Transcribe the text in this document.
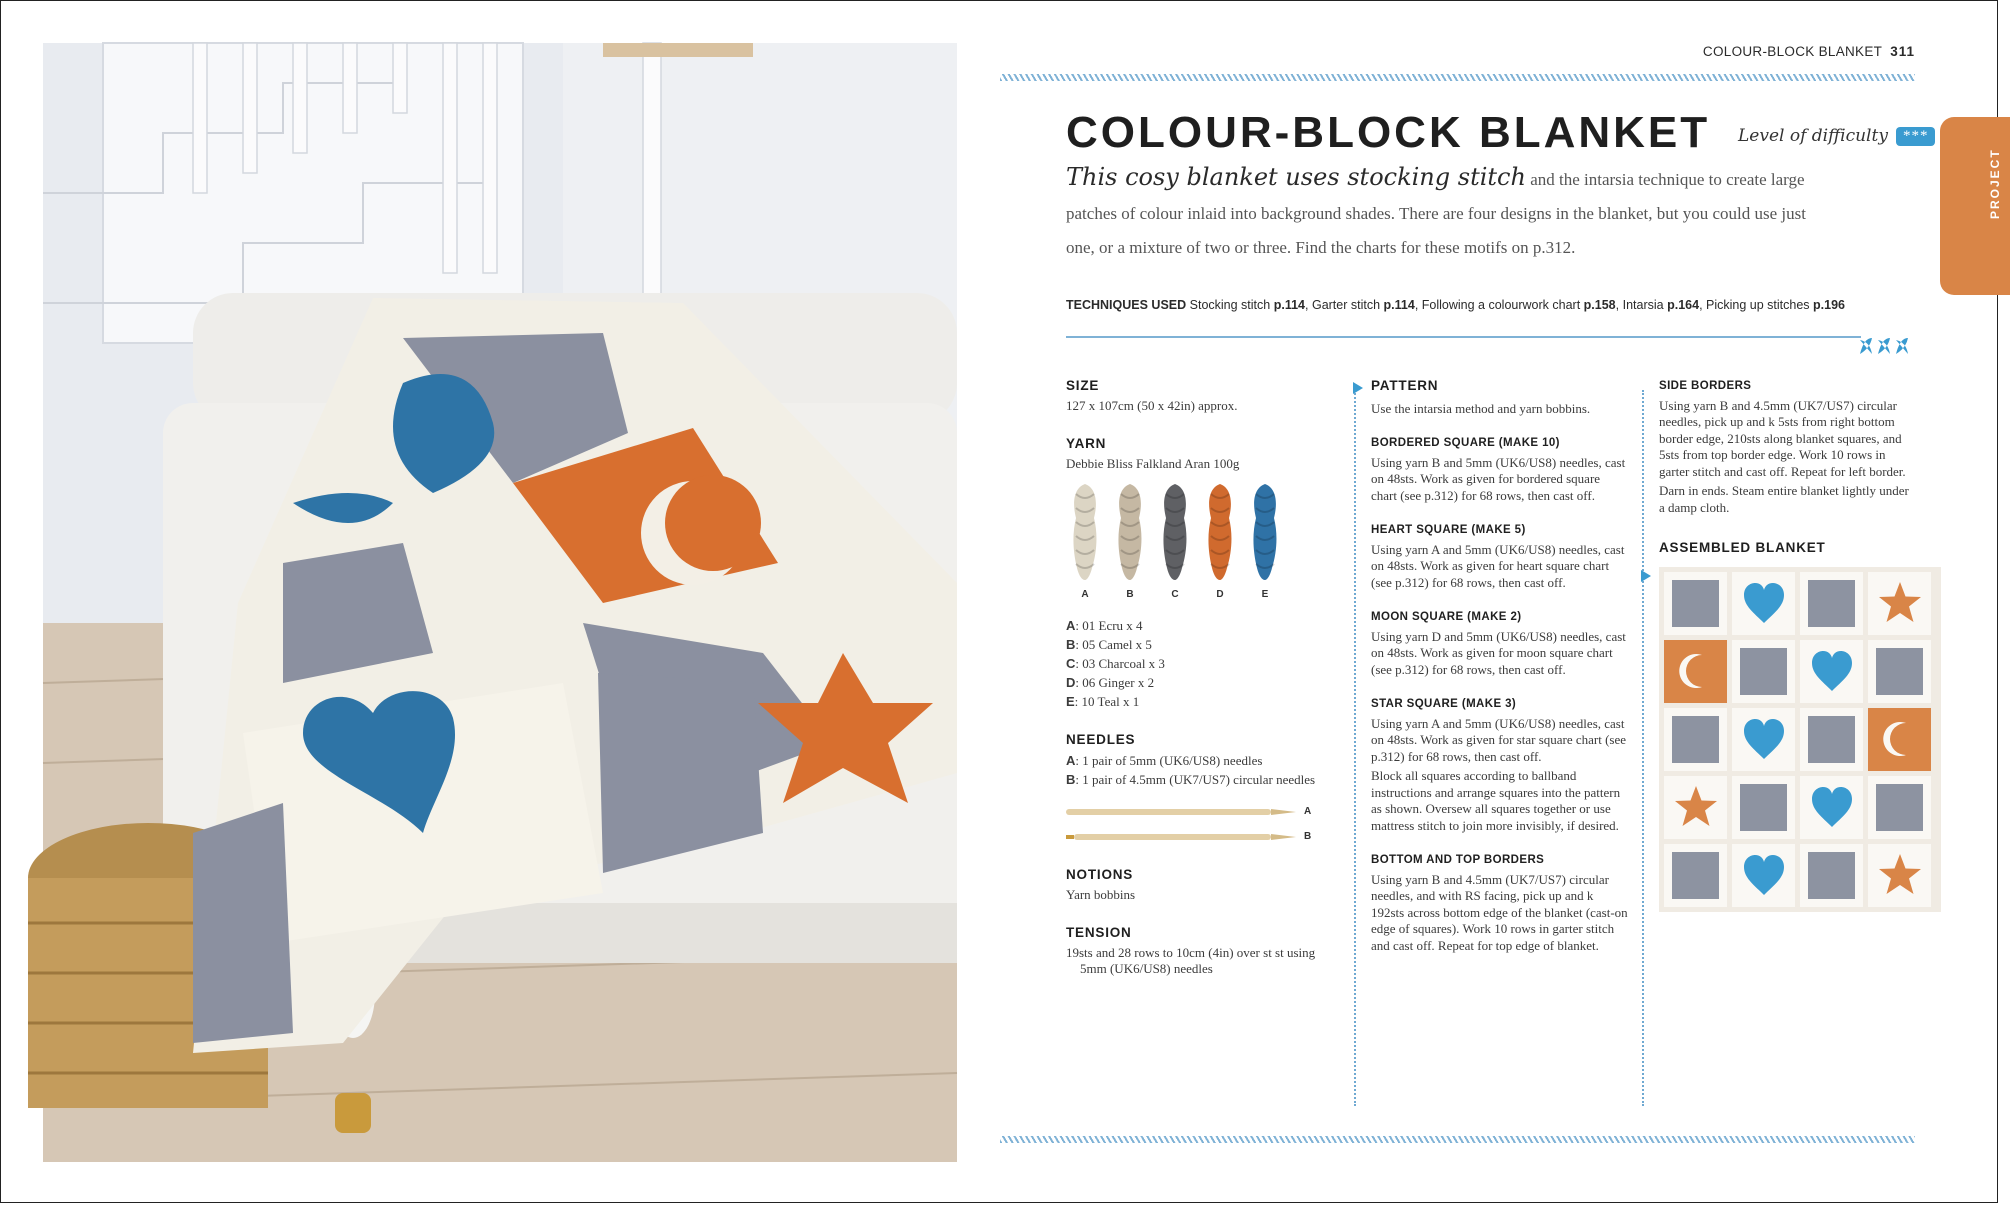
COLOUR-BLOCK BLANKET 311
COLOUR-BLOCK BLANKET Level of difficulty	***
PROJECT
This cosy blanket uses stocking stitch and the intarsia technique to create large patches of colour inlaid into background shades. There are four designs in the blanket, but you could use just one, or a mixture of two or three. Find the charts for these motifs on p.312.
TECHNIQUES USED Stocking stitch p.114, Garter stitch p.114, Following a colourwork chart p.158, Intarsia p.164, Picking up stitches p.196
SIZE

127 x 107cm (50 x 42in) approx.

YARN

Debbie Bliss Falkland Aran 100g

A	B	C	D	E
A: 01 Ecru x 4
B: 05 Camel x 5
C: 03 Charcoal x 3
D: 06 Ginger x 2
E: 10 Teal x 1
NEEDLES
A: 1 pair of 5mm (UK6/US8) needles
B: 1 pair of 4.5mm (UK7/US7) circular needles
A
B
NOTIONS

Yarn bobbins

TENSION

19sts and 28 rows to 10cm (4in) over st st using 5mm (UK6/US8) needles

PATTERN

Use the intarsia method and yarn bobbins.

BORDERED SQUARE (MAKE 10)

Using yarn B and 5mm (UK6/US8) needles, cast on 48sts. Work as given for bordered square chart (see p.312) for 68 rows, then cast off.

HEART SQUARE (MAKE 5)

Using yarn A and 5mm (UK6/US8) needles, cast on 48sts. Work as given for heart square chart (see p.312) for 68 rows, then cast off.

MOON SQUARE (MAKE 2)

Using yarn D and 5mm (UK6/US8) needles, cast on 48sts. Work as given for moon square chart (see p.312) for 68 rows, then cast off.

STAR SQUARE (MAKE 3)

Using yarn A and 5mm (UK6/US8) needles, cast on 48sts. Work as given for star square chart (see p.312) for 68 rows, then cast off.

Block all squares according to ballband instructions and arrange squares into the pattern as shown. Oversew all squares together or use mattress stitch to join more invisibly, if desired.

BOTTOM AND TOP BORDERS

Using yarn B and 4.5mm (UK7/US7) circular needles, and with RS facing, pick up and k 192sts across bottom edge of the blanket (cast-on edge of squares). Work 10 rows in garter stitch and cast off. Repeat for top edge of blanket.

SIDE BORDERS

Using yarn B and 4.5mm (UK7/US7) circular needles, pick up and k 5sts from right bottom border edge, 210sts along blanket squares, and 5sts from top border edge. Work 10 rows in garter stitch and cast off. Repeat for left border.

Darn in ends. Steam entire blanket lightly under a damp cloth.

ASSEMBLED BLANKET
